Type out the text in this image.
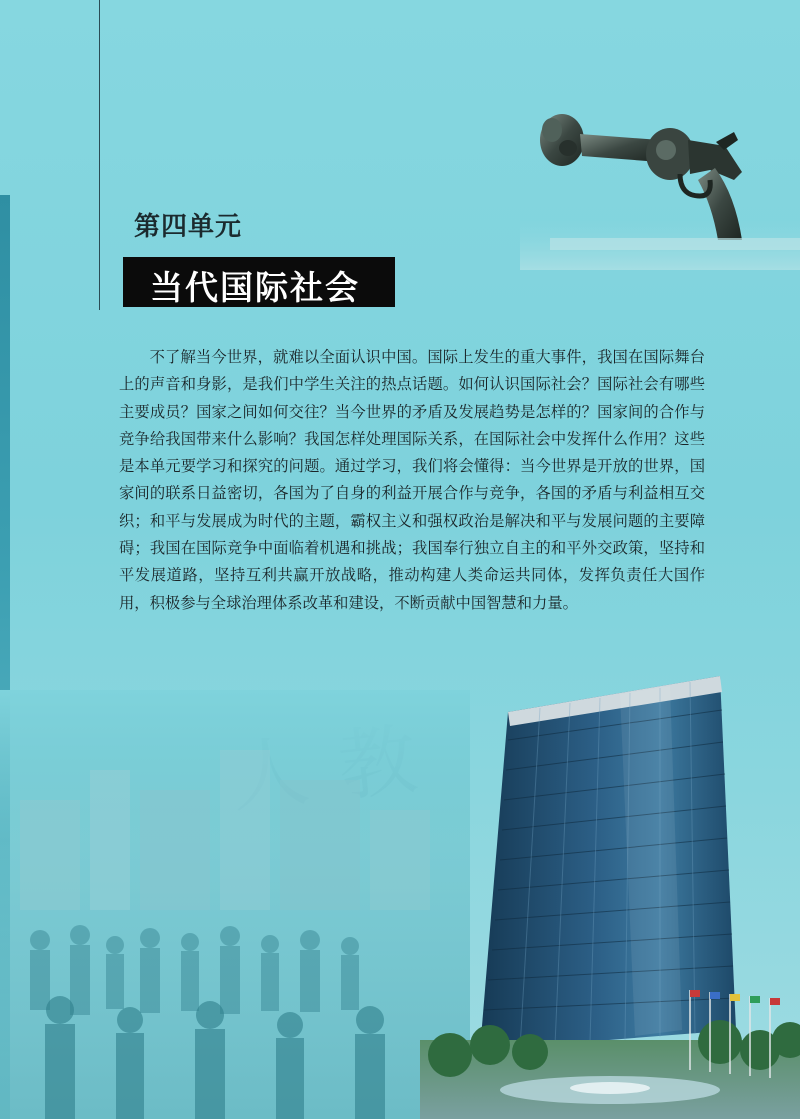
第四单元

当代国际社会

不了解当今世界，就难以全面认识中国。国际上发生的重大事件，我国在国际舞台上的声音和身影，是我们中学生关注的热点话题。如何认识国际社会？国际社会有哪些主要成员？国家之间如何交往？当今世界的矛盾及发展趋势是怎样的？国家间的合作与竞争给我国带来什么影响？我国怎样处理国际关系，在国际社会中发挥什么作用？这些是本单元要学习和探究的问题。通过学习，我们将会懂得：当今世界是开放的世界，国家间的联系日益密切，各国为了自身的利益开展合作与竞争，各国的矛盾与利益相互交织；和平与发展成为时代的主题，霸权主义和强权政治是解决和平与发展问题的主要障碍；我国在国际竞争中面临着机遇和挑战；我国奉行独立自主的和平外交政策，坚持和平发展道路，坚持互利共赢开放战略，推动构建人类命运共同体，发挥负责任大国作用，积极参与全球治理体系改革和建设，不断贡献中国智慧和力量。
